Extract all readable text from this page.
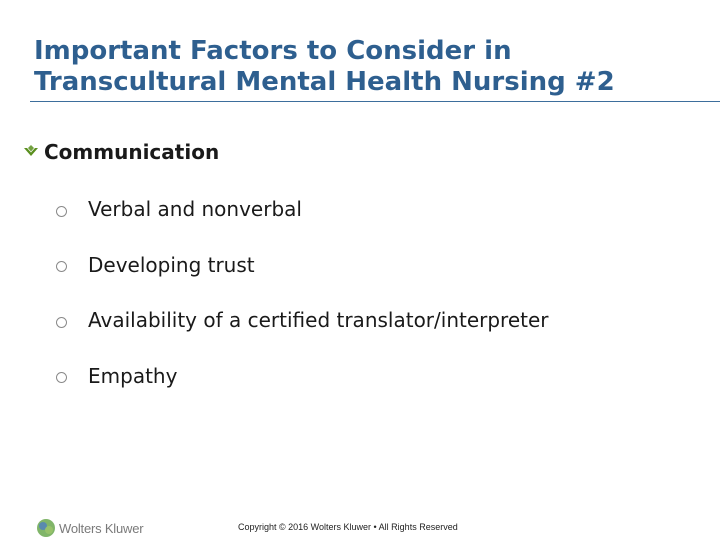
Important Factors to Consider in
Transcultural Mental Health Nursing #2
Communication
Verbal and nonverbal
Developing trust
Availability of a certified translator/interpreter
Empathy
Wolters Kluwer	Copyright © 2016 Wolters Kluwer • All Rights Reserved
